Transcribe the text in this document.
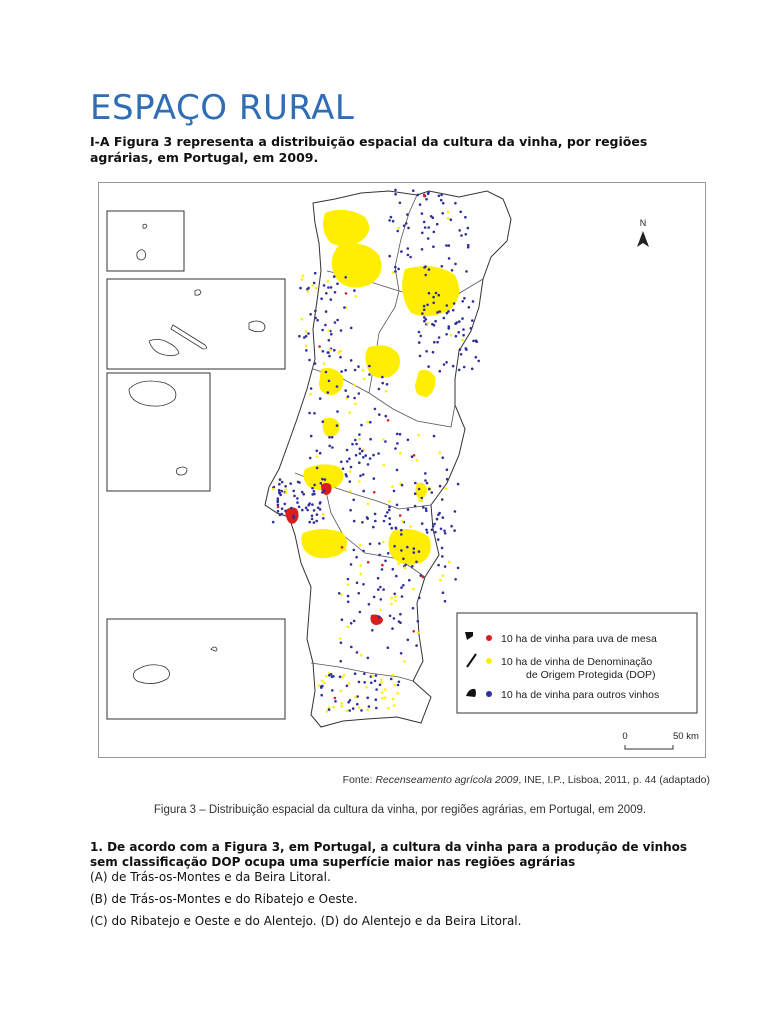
ESPAÇO RURAL
I-A Figura 3 representa a distribuição espacial da cultura da vinha, por regiões agrárias, em Portugal, em 2009.
N
10 ha de vinha para uva de mesa
10 ha de vinha de Denominação
de Origem Protegida (DOP)
10 ha de vinha para outros vinhos
0	50 km
Fonte: Recenseamento agrícola 2009, INE, I.P., Lisboa, 2011, p. 44 (adaptado)
Figura 3 – Distribuição espacial da cultura da vinha, por regiões agrárias, em Portugal, em 2009.
1. De acordo com a Figura 3, em Portugal, a cultura da vinha para a produção de vinhos sem classificação DOP ocupa uma superfície maior nas regiões agrárias
(A) de Trás-os-Montes e da Beira Litoral.
(B) de Trás-os-Montes e do Ribatejo e Oeste.
(C) do Ribatejo e Oeste e do Alentejo. (D) do Alentejo e da Beira Litoral.
